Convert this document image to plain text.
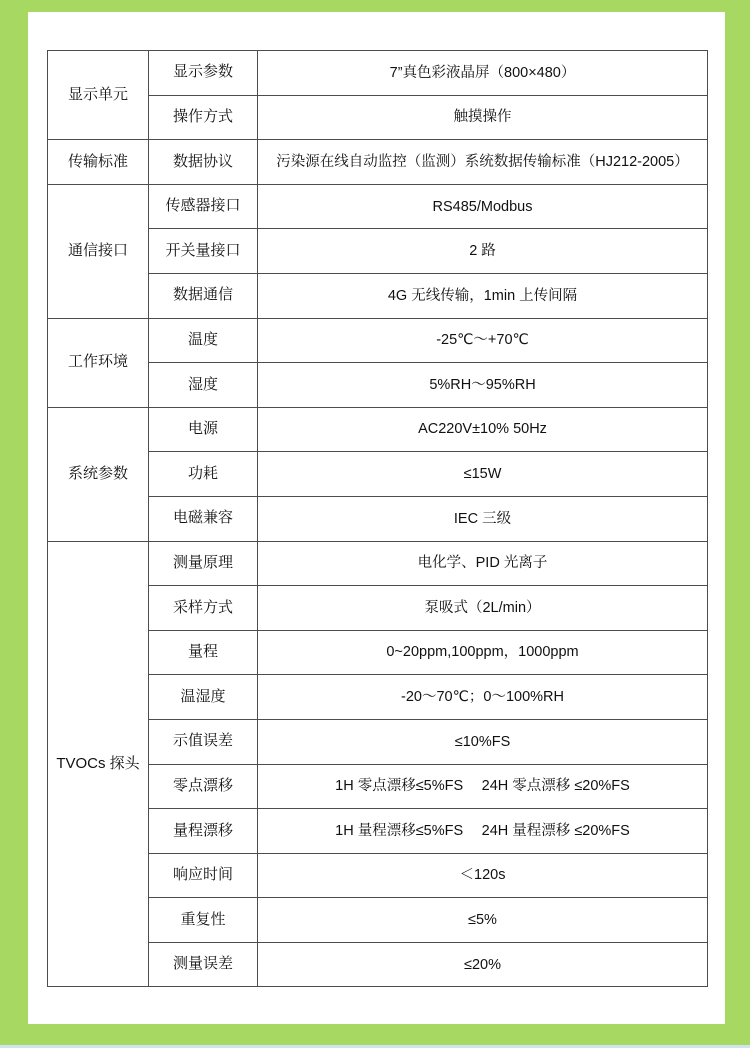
显示单元	显示参数	7”真色彩液晶屏（800×480）
	操作方式	触摸操作
传输标准	数据协议	污染源在线自动监控（监测）系统数据传输标准（HJ212-2005）
通信接口	传感器接口	RS485/Modbus
	开关量接口	2 路
	数据通信	4G 无线传输，1min 上传间隔
工作环境	温度	-25℃～+70℃
	湿度	5%RH～95%RH
系统参数	电源	AC220V±10% 50Hz
	功耗	≤15W
	电磁兼容	IEC 三级
TVOCs 探头	测量原理	电化学、PID 光离子
	采样方式	泵吸式（2L/min）
	量程	0~20ppm,100ppm，1000ppm
	温湿度	-20～70℃；0～100%RH
	示值误差	≤10%FS
	零点漂移	1H 零点漂移≤5%FS　 24H 零点漂移 ≤20%FS
	量程漂移	1H 量程漂移≤5%FS　 24H 量程漂移 ≤20%FS
	响应时间	＜120s
	重复性	≤5%
	测量误差	≤20%
